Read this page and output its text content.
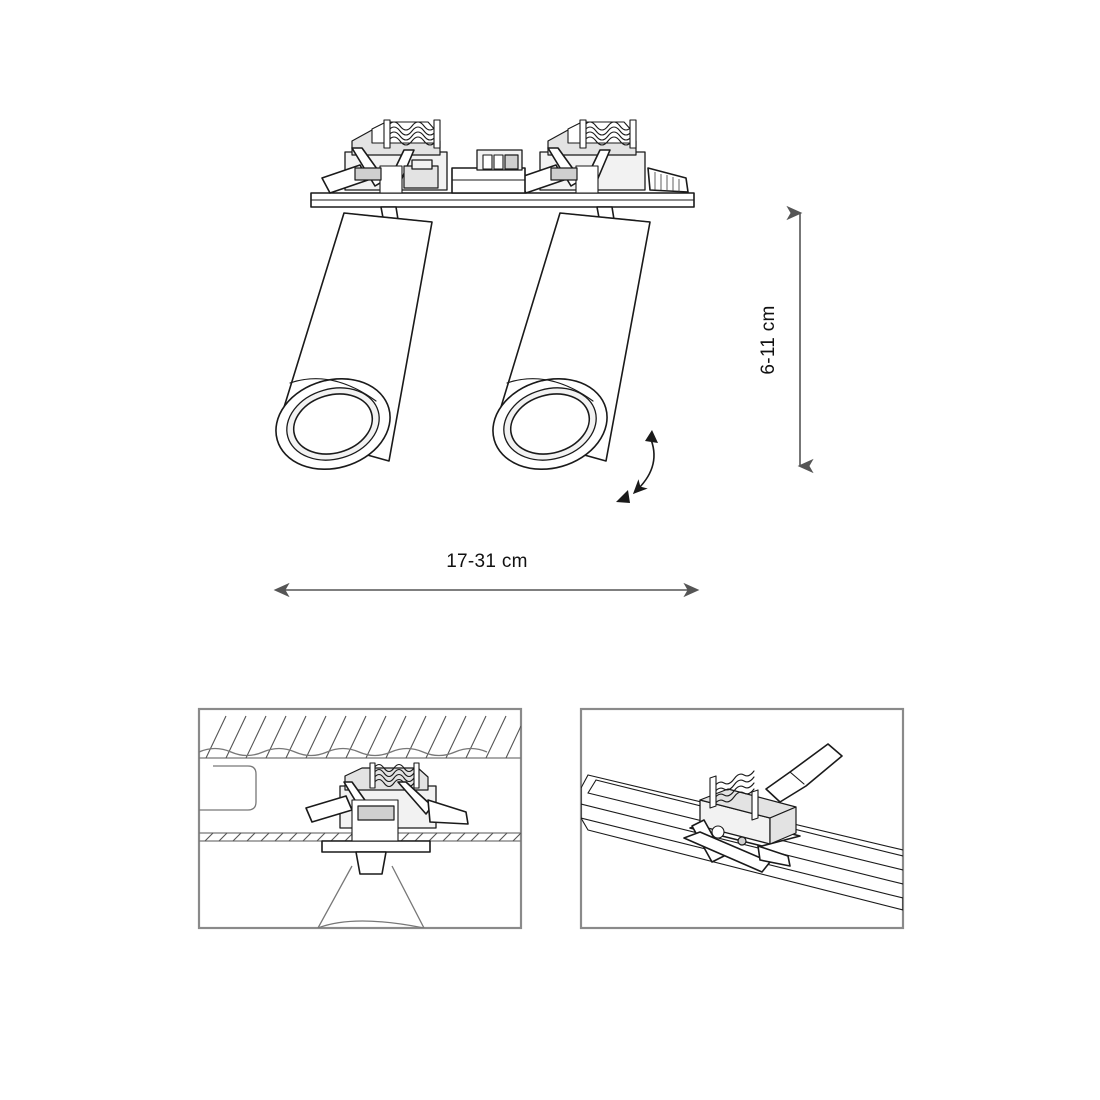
6-11 cm
17-31 cm
